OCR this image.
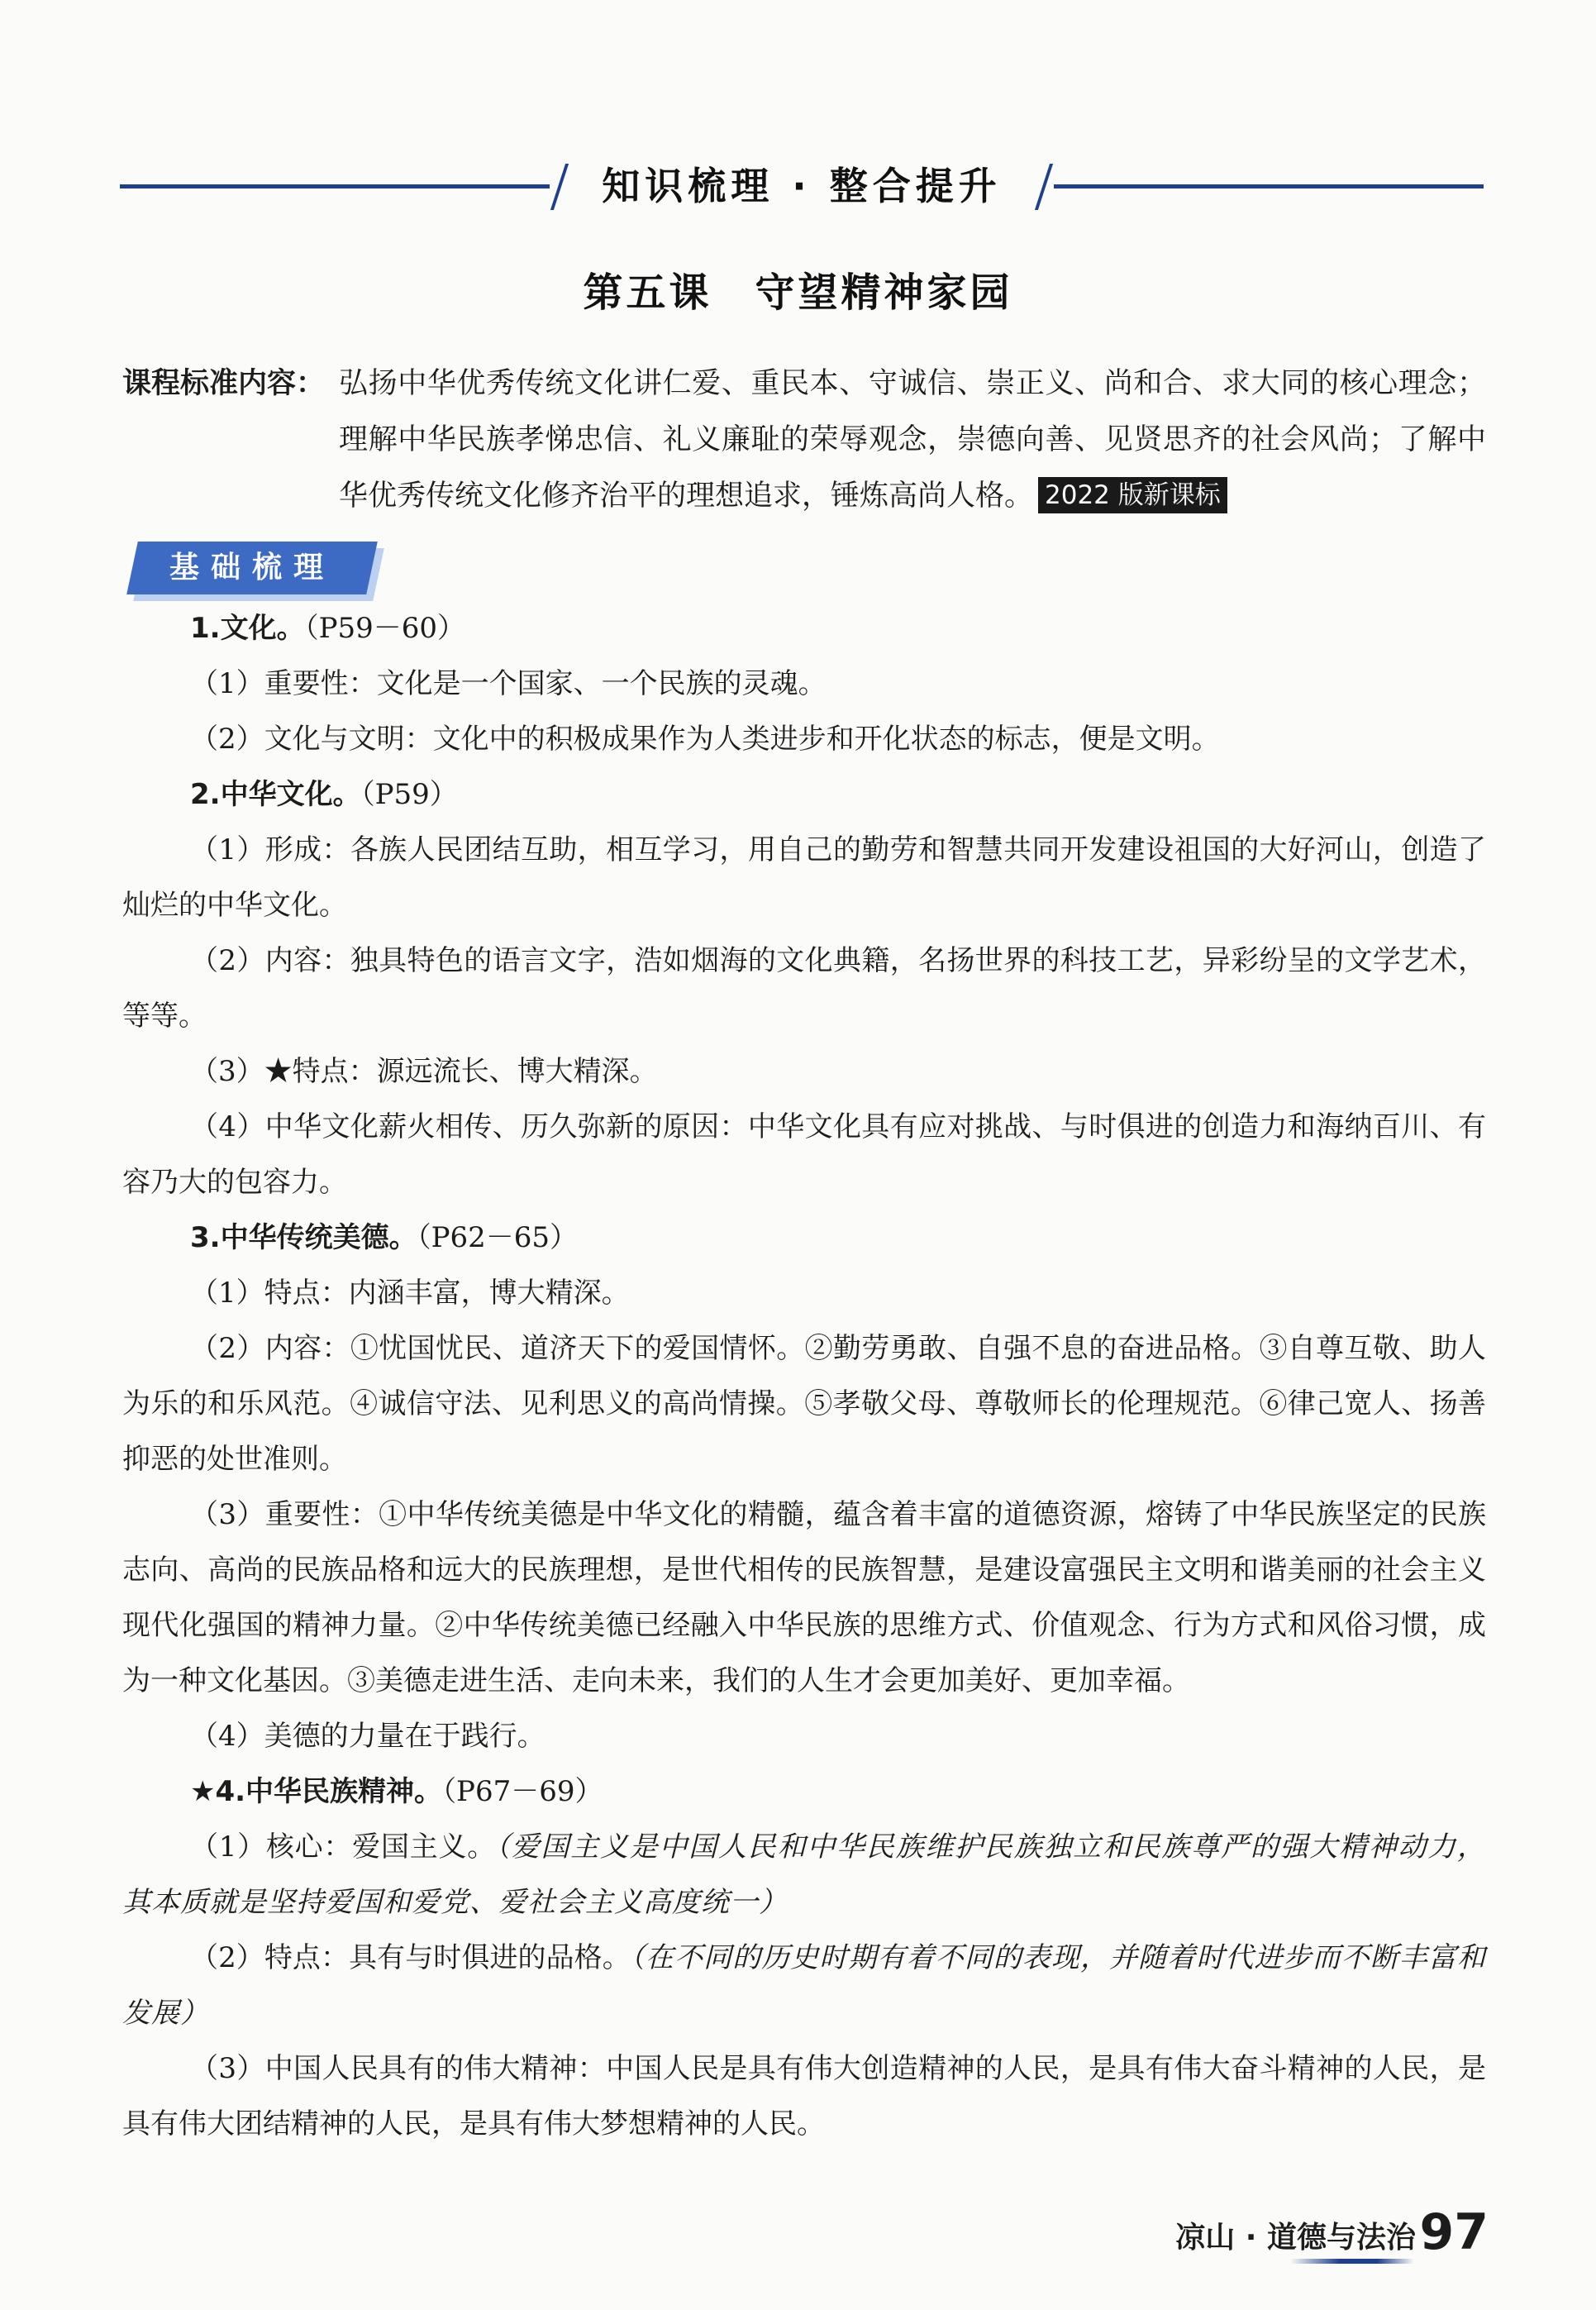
知识梳理 · 整合提升
第五课　守望精神家园
课程标准内容： 弘扬中华优秀传统文化讲仁爱、重民本、守诚信、崇正义、尚和合、求大同的核心理念；理解中华民族孝悌忠信、礼义廉耻的荣辱观念，崇德向善、见贤思齐的社会风尚；了解中华优秀传统文化修齐治平的理想追求，锤炼高尚人格。 2022 版新课标
基础梳理

1.文化。（P59－60）

（1）重要性：文化是一个国家、一个民族的灵魂。

（2）文化与文明：文化中的积极成果作为人类进步和开化状态的标志，便是文明。

2.中华文化。（P59）

（1）形成：各族人民团结互助，相互学习，用自己的勤劳和智慧共同开发建设祖国的大好河山，创造了灿烂的中华文化。

（2）内容：独具特色的语言文字，浩如烟海的文化典籍，名扬世界的科技工艺，异彩纷呈的文学艺术，等等。

（3）★特点：源远流长、博大精深。

（4）中华文化薪火相传、历久弥新的原因：中华文化具有应对挑战、与时俱进的创造力和海纳百川、有容乃大的包容力。

3.中华传统美德。（P62－65）

（1）特点：内涵丰富，博大精深。

（2）内容：①忧国忧民、道济天下的爱国情怀。②勤劳勇敢、自强不息的奋进品格。③自尊互敬、助人为乐的和乐风范。④诚信守法、见利思义的高尚情操。⑤孝敬父母、尊敬师长的伦理规范。⑥律己宽人、扬善抑恶的处世准则。

（3）重要性：①中华传统美德是中华文化的精髓，蕴含着丰富的道德资源，熔铸了中华民族坚定的民族志向、高尚的民族品格和远大的民族理想，是世代相传的民族智慧，是建设富强民主文明和谐美丽的社会主义现代化强国的精神力量。②中华传统美德已经融入中华民族的思维方式、价值观念、行为方式和风俗习惯，成为一种文化基因。③美德走进生活、走向未来，我们的人生才会更加美好、更加幸福。

（4）美德的力量在于践行。

★4.中华民族精神。（P67－69）

（1）核心：爱国主义。（爱国主义是中国人民和中华民族维护民族独立和民族尊严的强大精神动力，其本质就是坚持爱国和爱党、爱社会主义高度统一）

（2）特点：具有与时俱进的品格。（在不同的历史时期有着不同的表现，并随着时代进步而不断丰富和发展）

（3）中国人民具有的伟大精神：中国人民是具有伟大创造精神的人民，是具有伟大奋斗精神的人民，是具有伟大团结精神的人民，是具有伟大梦想精神的人民。

凉山 · 道德与法治 97
